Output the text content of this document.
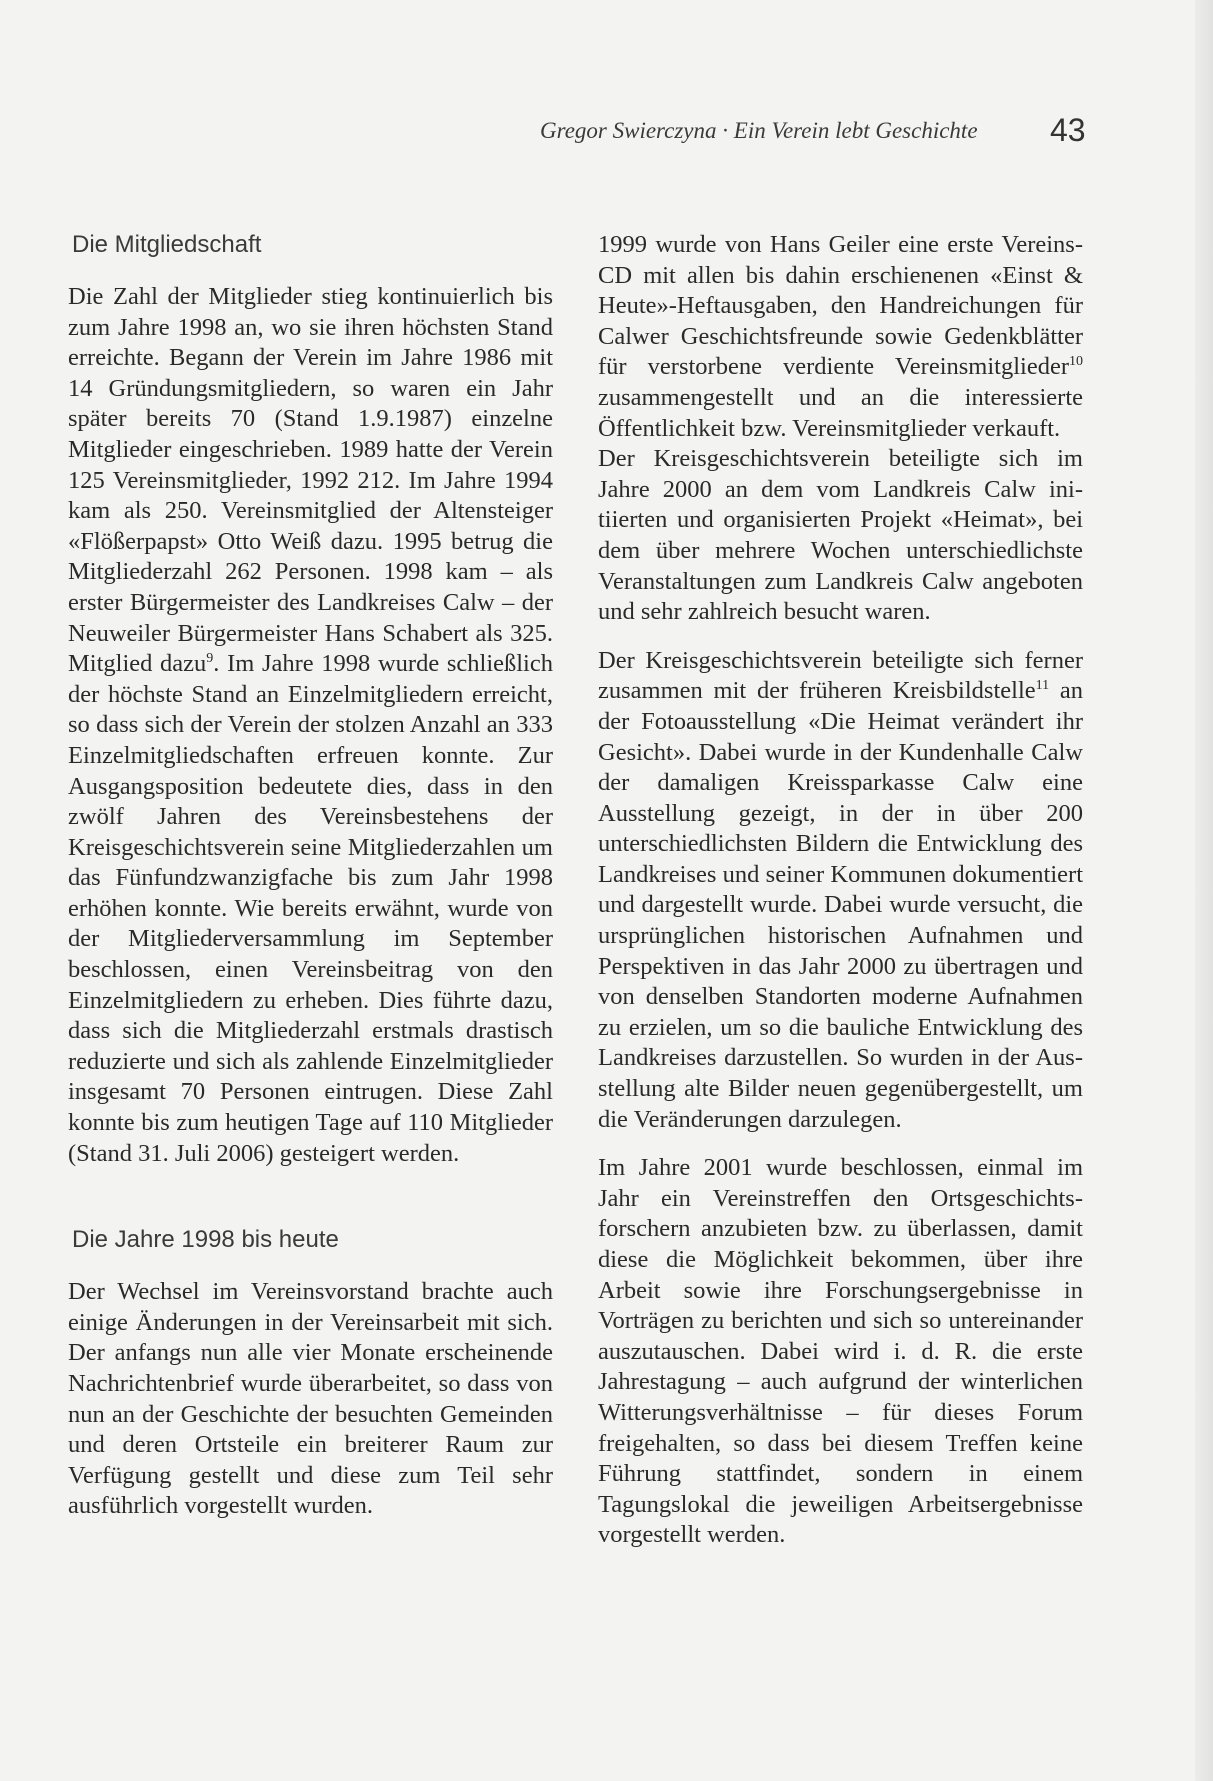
Gregor Swierczyna · Ein Verein lebt Geschichte	43
Die Mitgliedschaft

Die Zahl der Mitglieder stieg kontinuierlich bis zum Jahre 1998 an, wo sie ihren höchsten Stand erreichte. Begann der Verein im Jahre 1986 mit 14 Gründungsmitgliedern, so waren ein Jahr später bereits 70 (Stand 1.9.1987) einzelne Mitglieder eingeschrieben. 1989 hatte der Verein 125 Vereinsmitglieder, 1992 212. Im Jahre 1994 kam als 250. Vereinsmitglied der Altensteiger «Flößerpapst» Otto Weiß dazu. 1995 betrug die Mitgliederzahl 262 Personen. 1998 kam – als erster Bürgermeister des Landkreises Calw – der Neuweiler Bürgermeister Hans Schabert als 325. Mitglied dazu$^9$. Im Jahre 1998 wurde schließlich der höchste Stand an Einzelmitgliedern erreicht, so dass sich der Verein der stolzen Anzahl an 333 Einzelmitgliedschaften erfreuen konnte. Zur Ausgangsposition bedeutete dies, dass in den zwölf Jahren des Vereinsbestehens der Kreisgeschichtsverein seine Mitgliederzahlen um das Fünfundzwanzigfache bis zum Jahr 1998 erhöhen konnte. Wie bereits erwähnt, wurde von der Mitgliederversammlung im September beschlossen, einen Vereinsbeitrag von den Einzelmitgliedern zu erheben. Dies führte dazu, dass sich die Mitgliederzahl erstmals drastisch reduzierte und sich als zahlende Einzelmitglieder insgesamt 70 Personen eintrugen. Diese Zahl konnte bis zum heutigen Tage auf 110 Mitglieder (Stand 31. Juli 2006) gesteigert werden.

Die Jahre 1998 bis heute

Der Wechsel im Vereinsvorstand brachte auch einige Änderungen in der Vereinsarbeit mit sich. Der anfangs nun alle vier Monate erscheinende Nachrichtenbrief wurde überarbeitet, so dass von nun an der Geschichte der besuchten Gemeinden und deren Ortsteile ein breiterer Raum zur Verfügung gestellt und diese zum Teil sehr ausführlich vorgestellt wurden.

1999 wurde von Hans Geiler eine erste Vereins-CD mit allen bis dahin erschienenen «Einst & Heute»-Heftausgaben, den Handreichungen für Calwer Geschichtsfreunde sowie Gedenkblätter für verstorbene verdiente Vereinsmitglieder$^{10}$ zusammengestellt und an die interessierte Öffentlichkeit bzw. Vereinsmitglieder verkauft.

Der Kreisgeschichtsverein beteiligte sich im Jahre 2000 an dem vom Landkreis Calw initiierten und organisierten Projekt «Heimat», bei dem über mehrere Wochen unterschiedlichste Veranstaltungen zum Landkreis Calw angeboten und sehr zahlreich besucht waren.

Der Kreisgeschichtsverein beteiligte sich ferner zusammen mit der früheren Kreisbildstelle$^{11}$ an der Fotoausstellung «Die Heimat verändert ihr Gesicht». Dabei wurde in der Kundenhalle Calw der damaligen Kreissparkasse Calw eine Ausstellung gezeigt, in der in über 200 unterschiedlichsten Bildern die Entwicklung des Landkreises und seiner Kommunen dokumentiert und dargestellt wurde. Dabei wurde versucht, die ursprünglichen historischen Aufnahmen und Perspektiven in das Jahr 2000 zu übertragen und von denselben Standorten moderne Aufnahmen zu erzielen, um so die bauliche Entwicklung des Landkreises darzustellen. So wurden in der Ausstellung alte Bilder neuen gegenübergestellt, um die Veränderungen darzulegen.

Im Jahre 2001 wurde beschlossen, einmal im Jahr ein Vereinstreffen den Ortsgeschichtsforschern anzubieten bzw. zu überlassen, damit diese die Möglichkeit bekommen, über ihre Arbeit sowie ihre Forschungsergebnisse in Vorträgen zu berichten und sich so untereinander auszutauschen. Dabei wird i. d. R. die erste Jahrestagung – auch aufgrund der winterlichen Witterungsverhältnisse – für dieses Forum freigehalten, so dass bei diesem Treffen keine Führung stattfindet, sondern in einem Tagungslokal die jeweiligen Arbeitsergebnisse vorgestellt werden.
